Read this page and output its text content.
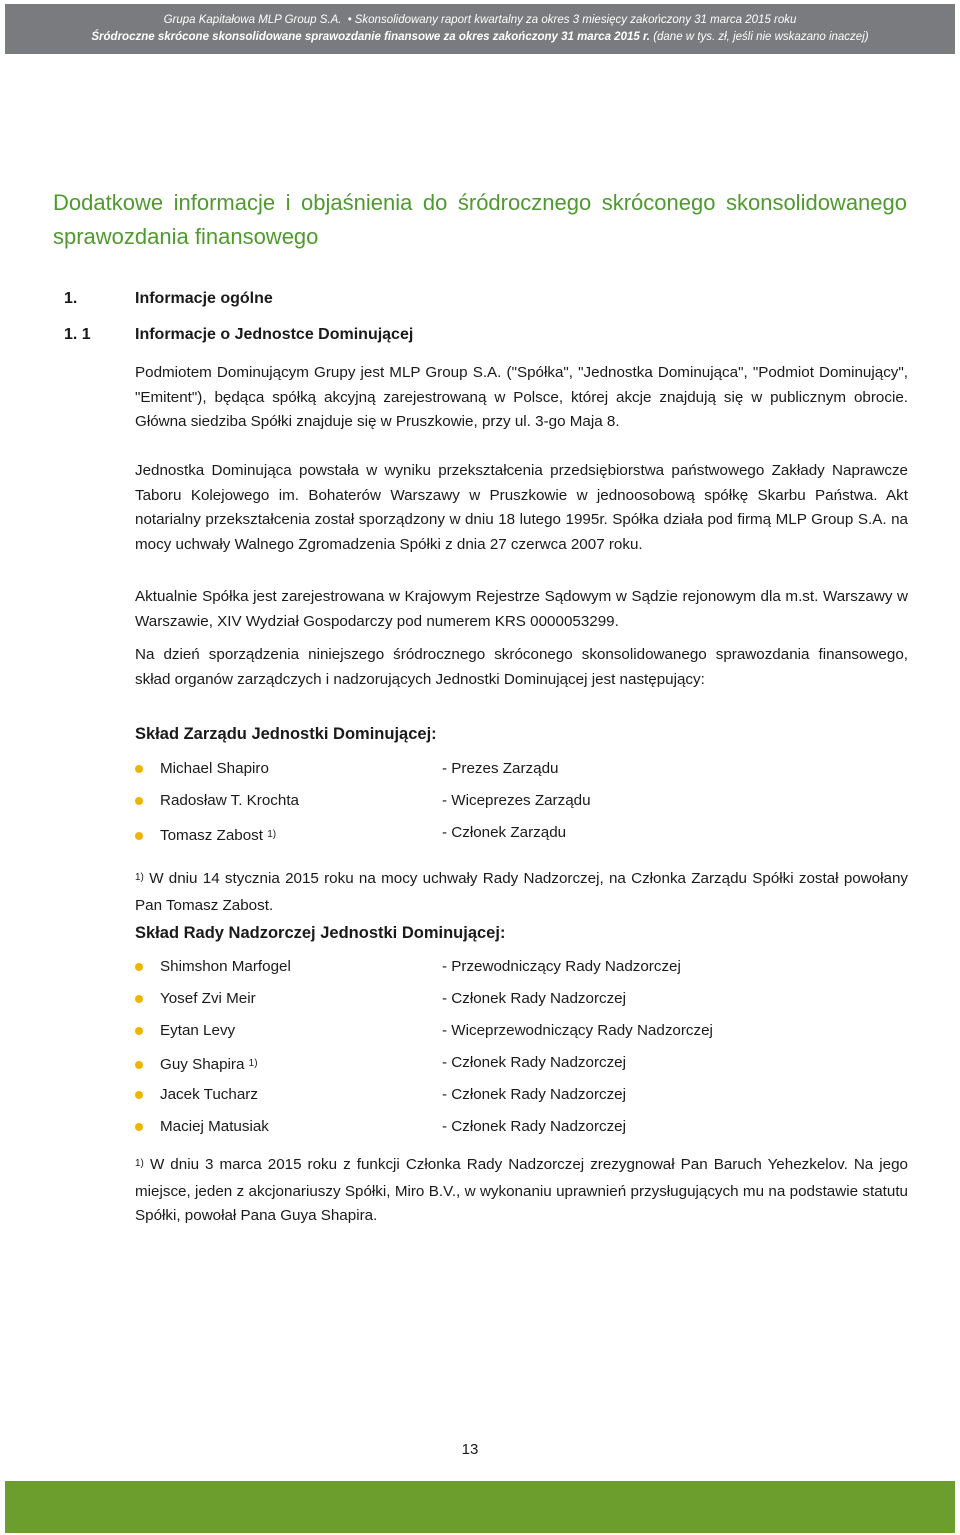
Grupa Kapitałowa MLP Group S.A. • Skonsolidowany raport kwartalny za okres 3 miesięcy zakończony 31 marca 2015 roku
Śródroczne skrócone skonsolidowane sprawozdanie finansowe za okres zakończony 31 marca 2015 r. (dane w tys. zł, jeśli nie wskazano inaczej)
Dodatkowe informacje i objaśnienia do śródrocznego skróconego skonsolidowanego sprawozdania finansowego
1.	Informacje ogólne
1. 1	Informacje o Jednostce Dominującej
Podmiotem Dominującym Grupy jest MLP Group S.A. ("Spółka", "Jednostka Dominująca", "Podmiot Dominujący", "Emitent"), będąca spółką akcyjną zarejestrowaną w Polsce, której akcje znajdują się w publicznym obrocie. Główna siedziba Spółki znajduje się w Pruszkowie, przy ul. 3-go Maja 8.
Jednostka Dominująca powstała w wyniku przekształcenia przedsiębiorstwa państwowego Zakłady Naprawcze Taboru Kolejowego im. Bohaterów Warszawy w Pruszkowie w jednoosobową spółkę Skarbu Państwa. Akt notarialny przekształcenia został sporządzony w dniu 18 lutego 1995r. Spółka działa pod firmą MLP Group S.A. na mocy uchwały Walnego Zgromadzenia Spółki z dnia 27 czerwca 2007 roku.
Aktualnie Spółka jest zarejestrowana w Krajowym Rejestrze Sądowym w Sądzie rejonowym dla m.st. Warszawy w Warszawie, XIV Wydział Gospodarczy pod numerem KRS 0000053299.
Na dzień sporządzenia niniejszego śródrocznego skróconego skonsolidowanego sprawozdania finansowego, skład organów zarządczych i nadzorujących Jednostki Dominującej jest następujący:
Skład Zarządu Jednostki Dominującej:
Michael Shapiro	- Prezes Zarządu
Radosław T. Krochta	- Wiceprezes Zarządu
Tomasz Zabost $^{1)}$	- Członek Zarządu
$^{1)}$ W dniu 14 stycznia 2015 roku na mocy uchwały Rady Nadzorczej, na Członka Zarządu Spółki został powołany Pan Tomasz Zabost.
Skład Rady Nadzorczej Jednostki Dominującej:
Shimshon Marfogel	- Przewodniczący Rady Nadzorczej
Yosef Zvi Meir	- Członek Rady Nadzorczej
Eytan Levy	- Wiceprzewodniczący Rady Nadzorczej
Guy Shapira $^{1)}$	- Członek Rady Nadzorczej
Jacek Tucharz	- Członek Rady Nadzorczej
Maciej Matusiak	- Członek Rady Nadzorczej
$^{1)}$ W dniu 3 marca 2015 roku z funkcji Członka Rady Nadzorczej zrezygnował Pan Baruch Yehezkelov. Na jego miejsce, jeden z akcjonariuszy Spółki, Miro B.V., w wykonaniu uprawnień przysługujących mu na podstawie statutu Spółki, powołał Pana Guya Shapira.
13
